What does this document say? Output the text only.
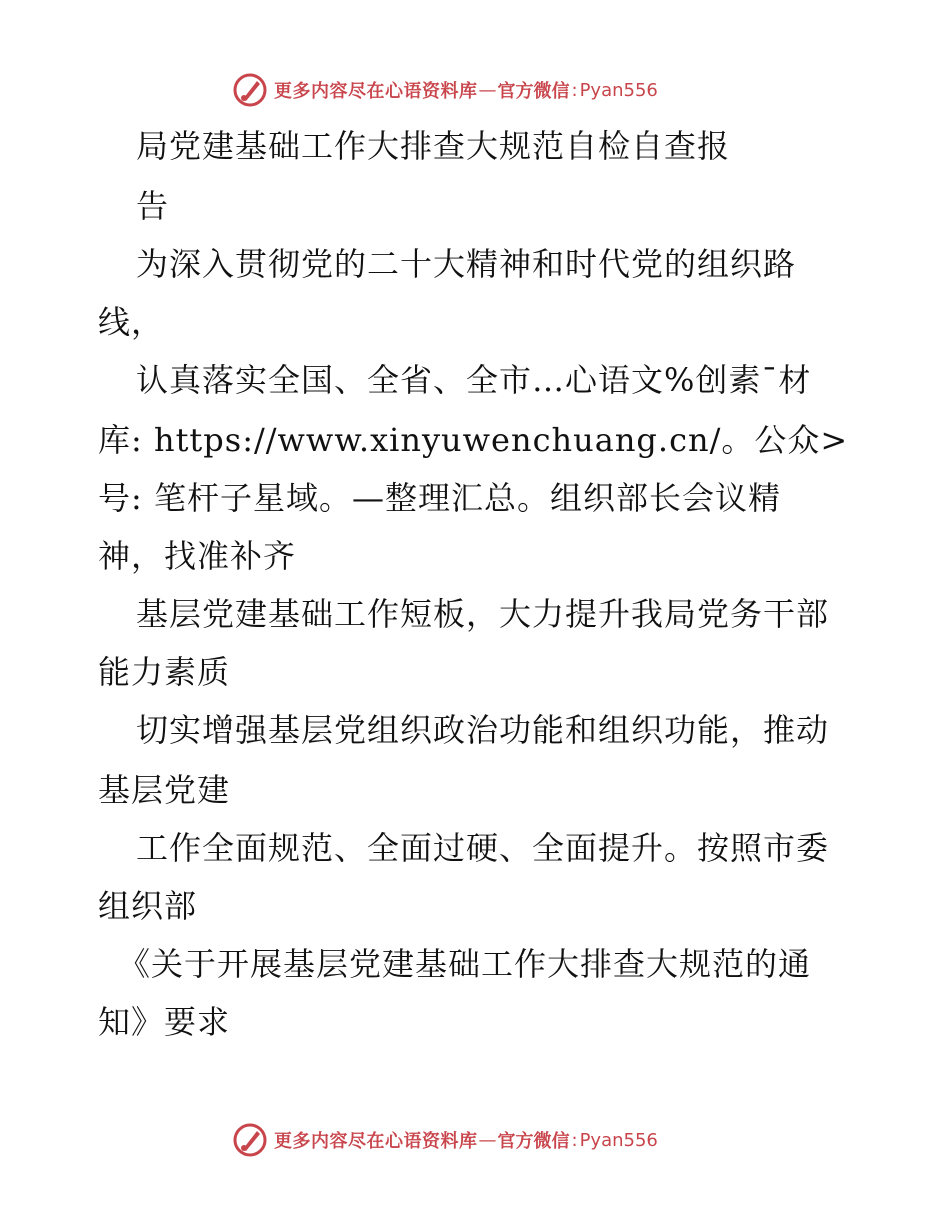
更多内容尽在心语资料库 — 官方微信 : Pyan556

局党建基础工作大排查大规范自检自查报

告

为深入贯彻党的二十大精神和时代党的组织路

线，

认真落实全国、全省、全市…心语文%创素¯材

库: https://www.xinyuwenchuang.cn/。公众>

号: 笔杆子星域。—整理汇总。组织部长会议精

神，找准补齐

基层党建基础工作短板，大力提升我局党务干部

能力素质

切实增强基层党组织政治功能和组织功能，推动

基层党建

工作全面规范、全面过硬、全面提升。按照市委

组织部

《关于开展基层党建基础工作大排查大规范的通

知》要求

更多内容尽在心语资料库 — 官方微信 : Pyan556
